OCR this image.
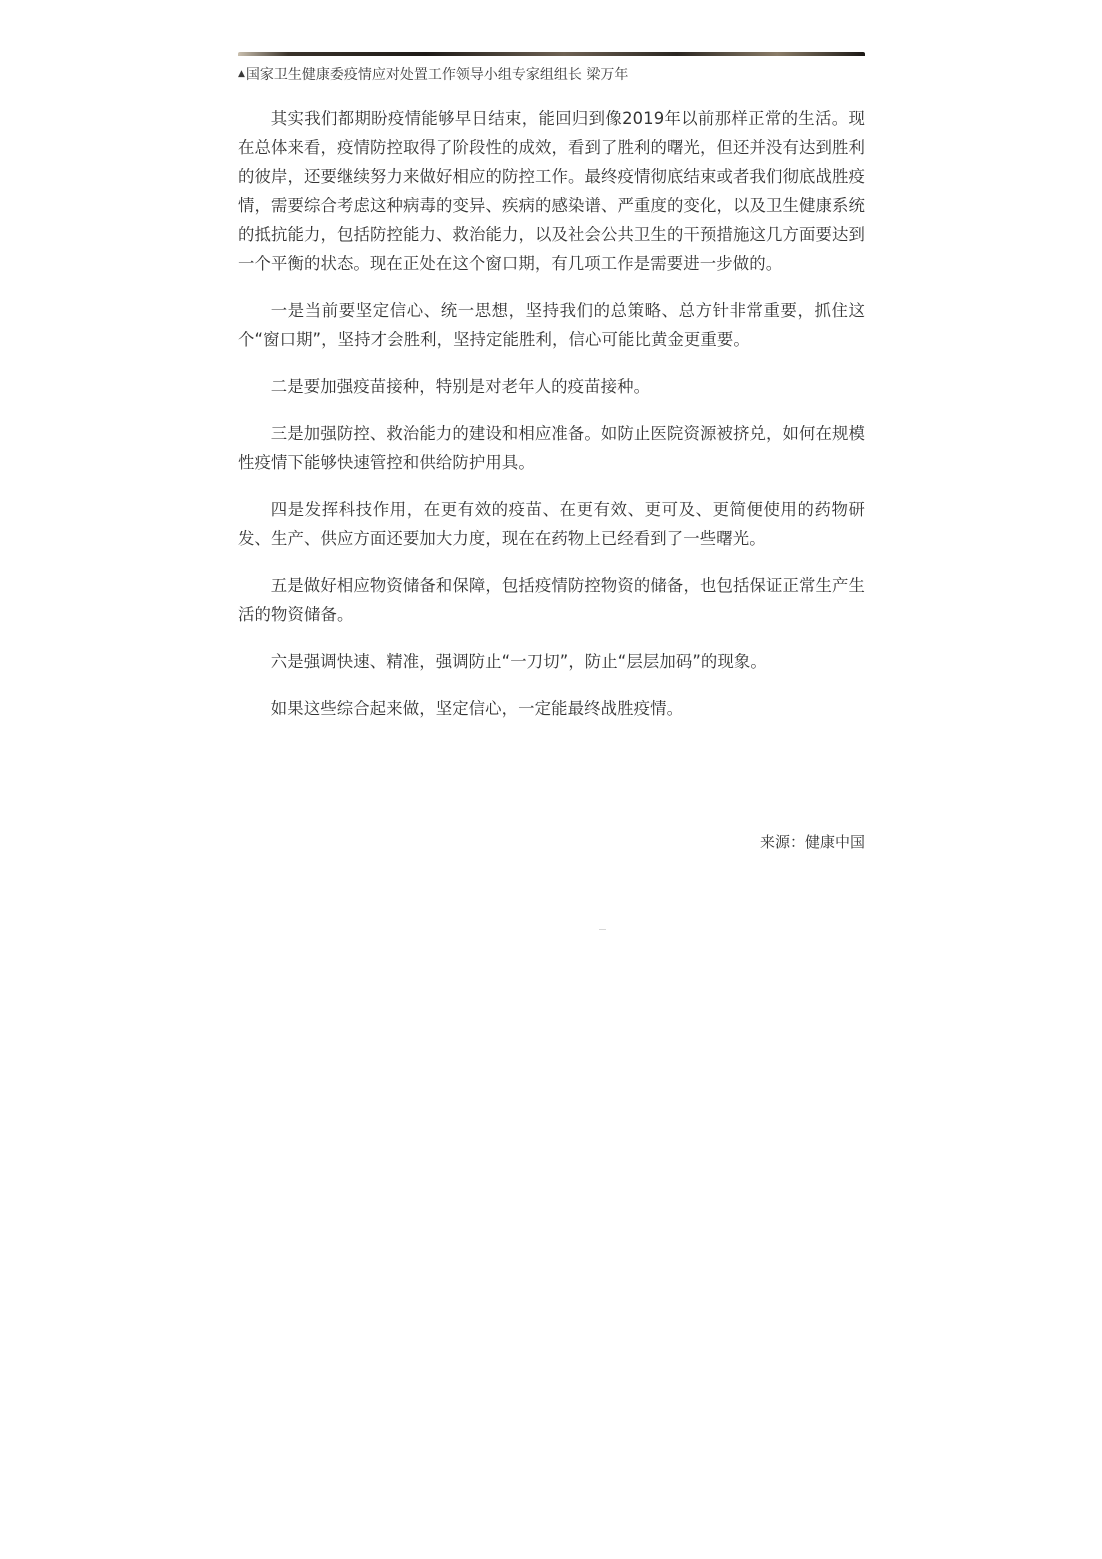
▲国家卫生健康委疫情应对处置工作领导小组专家组组长 梁万年

其实我们都期盼疫情能够早日结束，能回归到像2019年以前那样正常的生活。现在总体来看，疫情防控取得了阶段性的成效，看到了胜利的曙光，但还并没有达到胜利的彼岸，还要继续努力来做好相应的防控工作。最终疫情彻底结束或者我们彻底战胜疫情，需要综合考虑这种病毒的变异、疾病的感染谱、严重度的变化，以及卫生健康系统的抵抗能力，包括防控能力、救治能力，以及社会公共卫生的干预措施这几方面要达到一个平衡的状态。现在正处在这个窗口期，有几项工作是需要进一步做的。

一是当前要坚定信心、统一思想，坚持我们的总策略、总方针非常重要，抓住这个“窗口期”，坚持才会胜利，坚持定能胜利，信心可能比黄金更重要。

二是要加强疫苗接种，特别是对老年人的疫苗接种。

三是加强防控、救治能力的建设和相应准备。如防止医院资源被挤兑，如何在规模性疫情下能够快速管控和供给防护用具。

四是发挥科技作用，在更有效的疫苗、在更有效、更可及、更简便使用的药物研发、生产、供应方面还要加大力度，现在在药物上已经看到了一些曙光。

五是做好相应物资储备和保障，包括疫情防控物资的储备，也包括保证正常生产生活的物资储备。

六是强调快速、精准，强调防止“一刀切”，防止“层层加码”的现象。

如果这些综合起来做，坚定信心，一定能最终战胜疫情。

来源：健康中国
